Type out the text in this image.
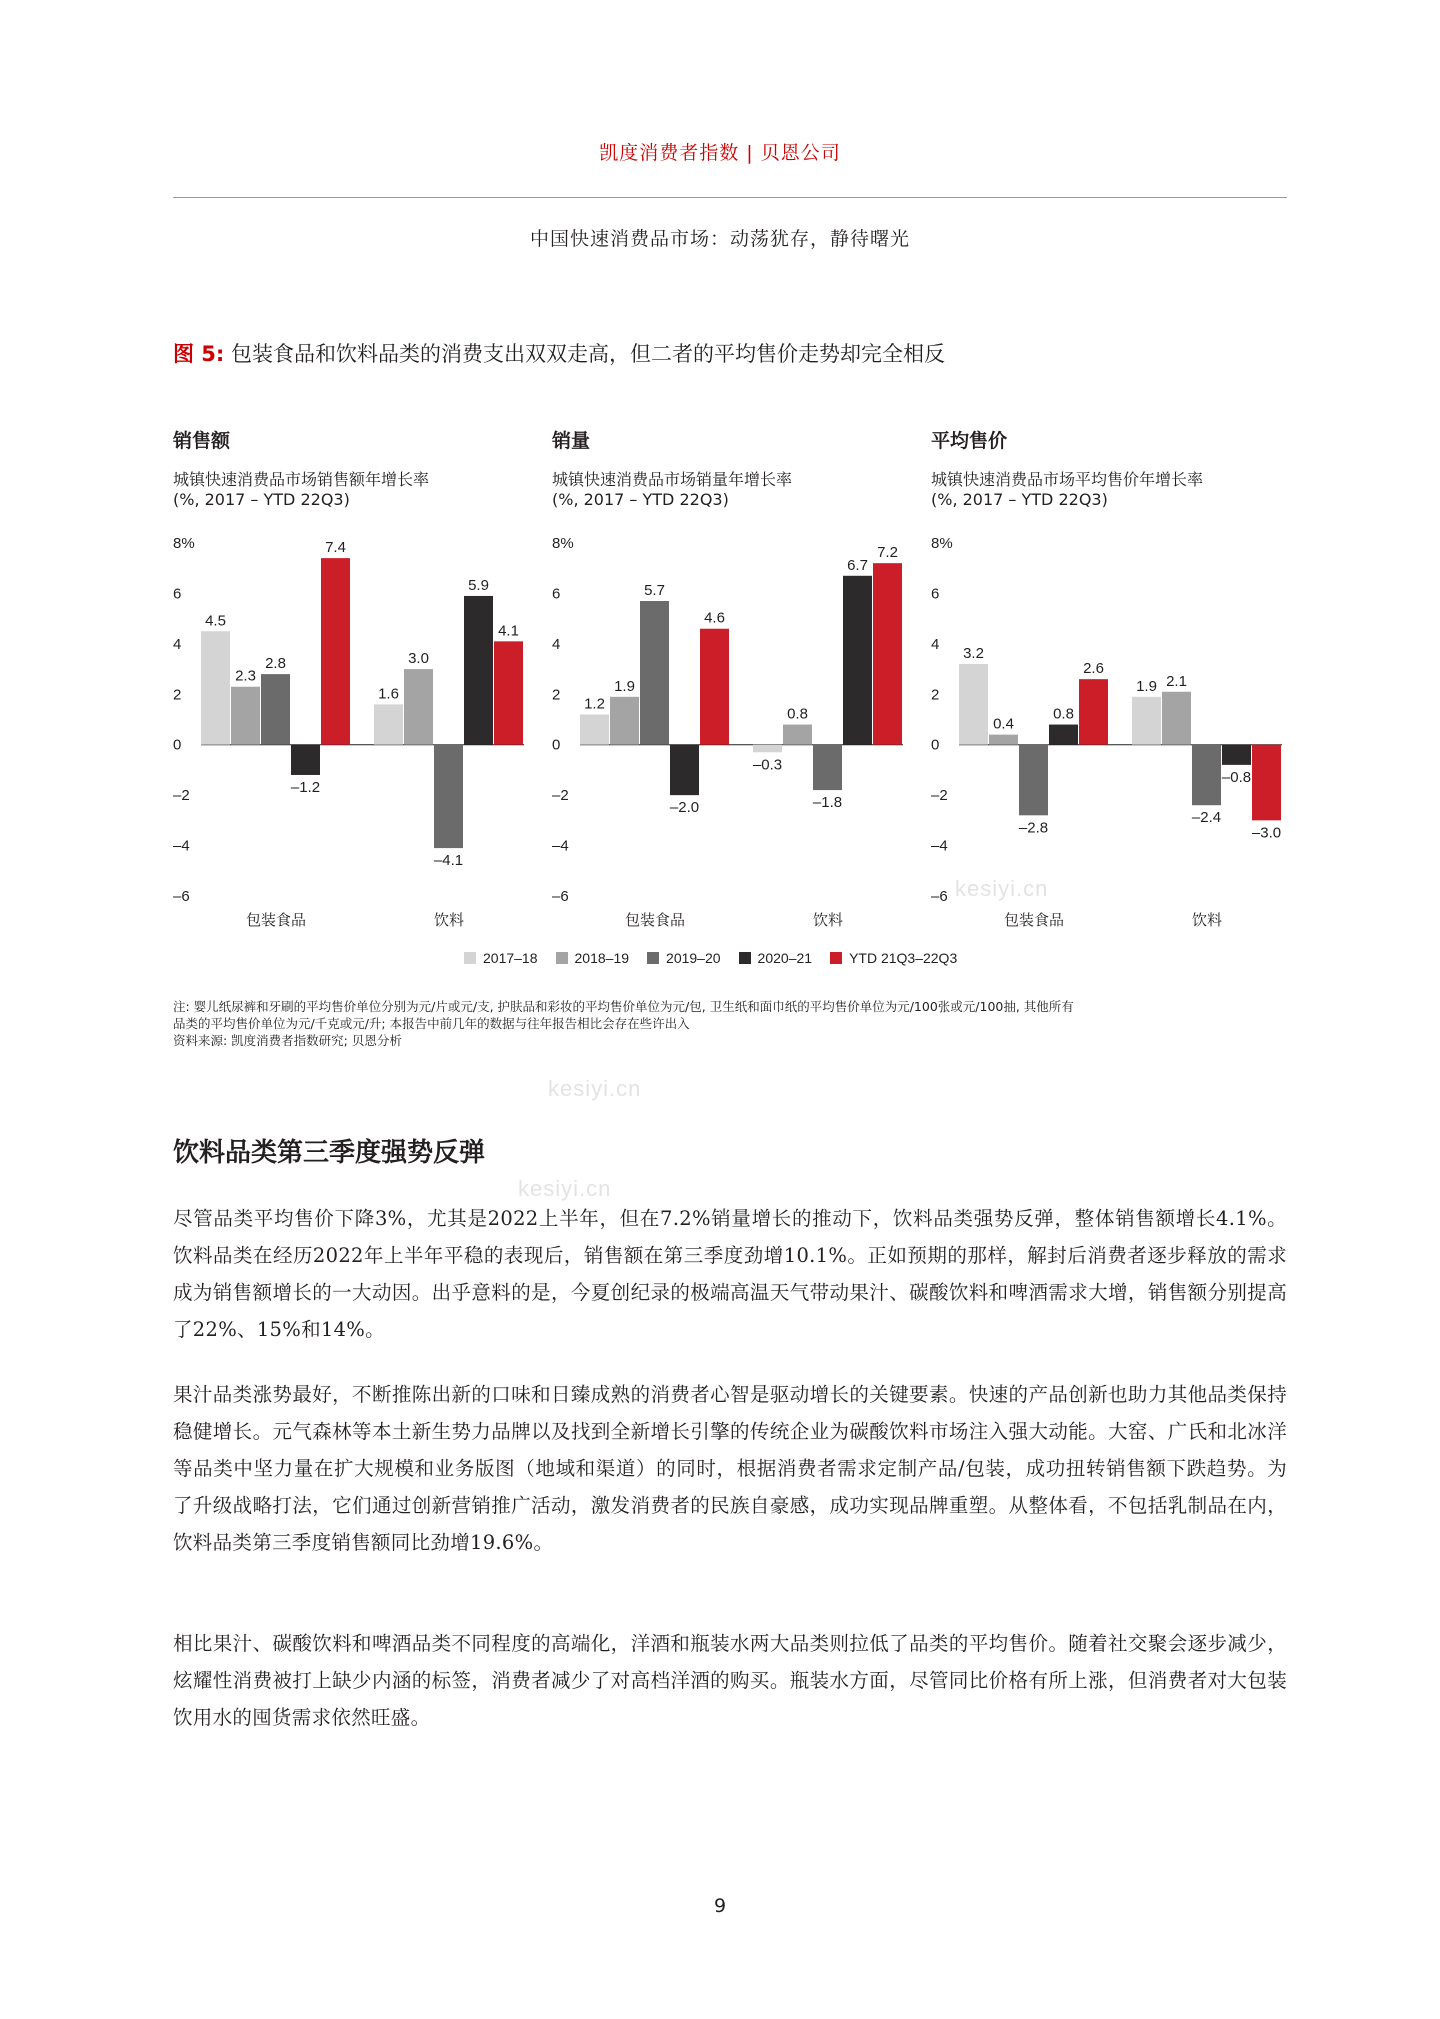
凯度消费者指数 | 贝恩公司
中国快速消费品市场：动荡犹存，静待曙光
图 5: 包装食品和饮料品类的消费支出双双走高，但二者的平均售价走势却完全相反
销售额
城镇快速消费品市场销售额年增长率
(%, 2017 – YTD 22Q3)
8%
6
4
2
0
–2
–4
–6
包装食品
4.5
2.3
2.8
–1.2
7.4
饮料
1.6
3.0
–4.1
5.9
4.1
销量
城镇快速消费品市场销量年增长率
(%, 2017 – YTD 22Q3)
8%
6
4
2
0
–2
–4
–6
包装食品
1.2
1.9
5.7
–2.0
4.6
饮料
–0.3
0.8
–1.8
6.7
7.2
平均售价
城镇快速消费品市场平均售价年增长率
(%, 2017 – YTD 22Q3)
8%
6
4
2
0
–2
–4
–6
包装食品
3.2
0.4
–2.8
0.8
2.6
饮料
1.9 2.1
–2.4
–0.8
–3.0
2017–18	2018–19	2019–20	2020–21	YTD 21Q3–22Q3
注: 婴儿纸尿裤和牙刷的平均售价单位分别为元/片或元/支, 护肤品和彩妆的平均售价单位为元/包, 卫生纸和面巾纸的平均售价单位为元/100张或元/100抽, 其他所有
品类的平均售价单位为元/千克或元/升; 本报告中前几年的数据与往年报告相比会存在些许出入
资料来源: 凯度消费者指数研究; 贝恩分析
kesiyi.cn
kesiyi.cn
kesiyi.cn
饮料品类第三季度强势反弹
尽管品类平均售价下降3%，尤其是2022上半年，但在7.2%销量增长的推动下，饮料品类强势反弹，整体销售额增长4.1%。饮料品类在经历2022年上半年平稳的表现后，销售额在第三季度劲增10.1%。正如预期的那样，解封后消费者逐步释放的需求成为销售额增长的一大动因。出乎意料的是，今夏创纪录的极端高温天气带动果汁、碳酸饮料和啤酒需求大增，销售额分别提高了22%、15%和14%。
果汁品类涨势最好，不断推陈出新的口味和日臻成熟的消费者心智是驱动增长的关键要素。快速的产品创新也助力其他品类保持稳健增长。元气森林等本土新生势力品牌以及找到全新增长引擎的传统企业为碳酸饮料市场注入强大动能。大窑、广氏和北冰洋等品类中坚力量在扩大规模和业务版图（地域和渠道）的同时，根据消费者需求定制产品/包装，成功扭转销售额下跌趋势。为了升级战略打法，它们通过创新营销推广活动，激发消费者的民族自豪感，成功实现品牌重塑。从整体看，不包括乳制品在内，饮料品类第三季度销售额同比劲增19.6%。
相比果汁、碳酸饮料和啤酒品类不同程度的高端化，洋酒和瓶装水两大品类则拉低了品类的平均售价。随着社交聚会逐步减少，炫耀性消费被打上缺少内涵的标签，消费者减少了对高档洋酒的购买。瓶装水方面，尽管同比价格有所上涨，但消费者对大包装饮用水的囤货需求依然旺盛。
9
